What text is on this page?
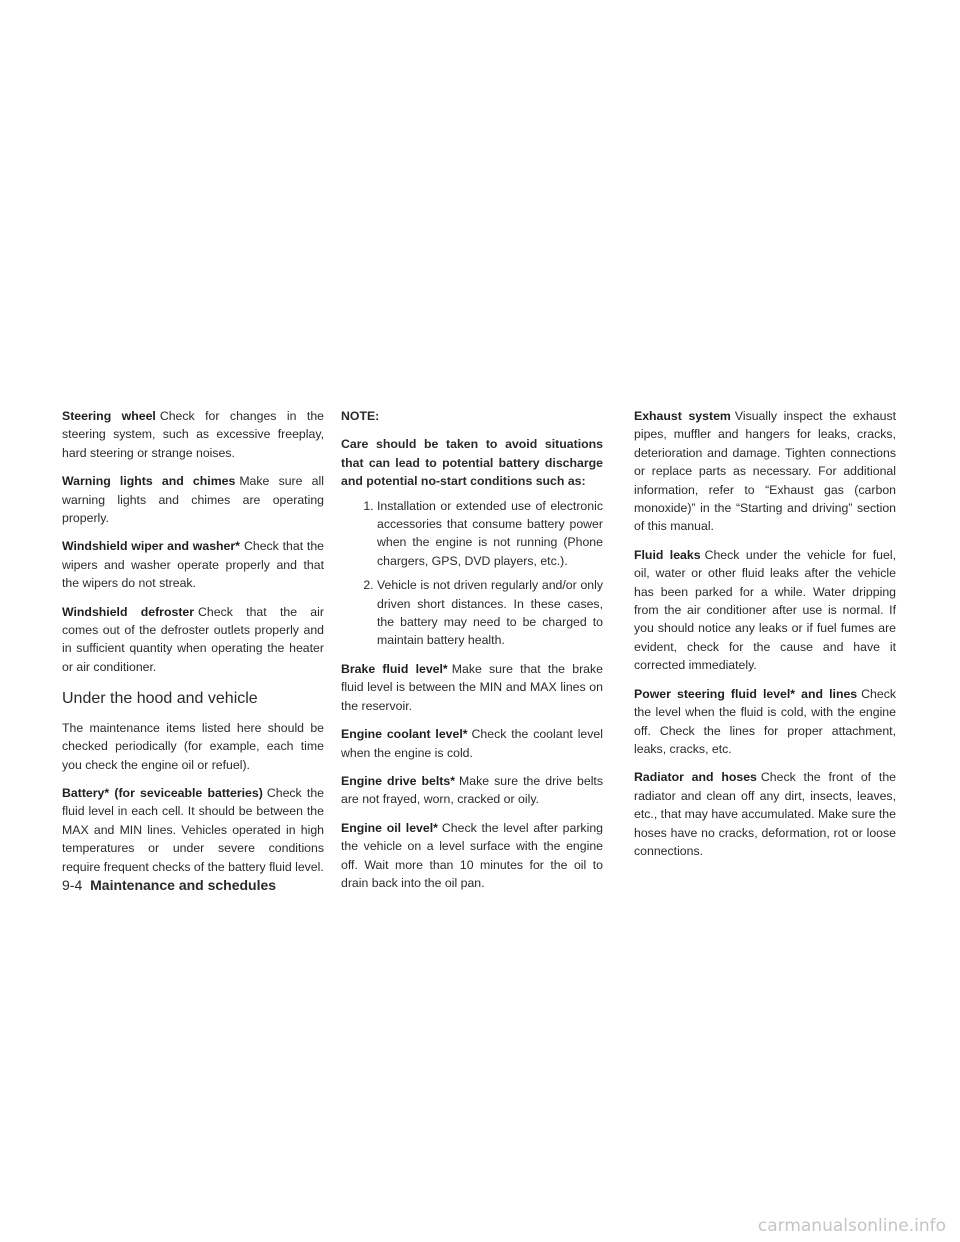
Steering wheel Check for changes in the steering system, such as excessive freeplay, hard steering or strange noises.

Warning lights and chimes Make sure all warning lights and chimes are operating properly.

Windshield wiper and washer* Check that the wipers and washer operate properly and that the wipers do not streak.

Windshield defroster Check that the air comes out of the defroster outlets properly and in sufficient quantity when operating the heater or air conditioner.

Under the hood and vehicle

The maintenance items listed here should be checked periodically (for example, each time you check the engine oil or refuel).

Battery* (for seviceable batteries) Check the fluid level in each cell. It should be between the MAX and MIN lines. Vehicles operated in high temperatures or under severe conditions require frequent checks of the battery fluid level.

NOTE:

Care should be taken to avoid situations that can lead to potential battery discharge and potential no-start conditions such as:

1. Installation or extended use of electronic accessories that consume battery power when the engine is not running (Phone chargers, GPS, DVD players, etc.).
2. Vehicle is not driven regularly and/or only driven short distances. In these cases, the battery may need to be charged to maintain battery health.

Brake fluid level* Make sure that the brake fluid level is between the MIN and MAX lines on the reservoir.

Engine coolant level* Check the coolant level when the engine is cold.

Engine drive belts* Make sure the drive belts are not frayed, worn, cracked or oily.

Engine oil level* Check the level after parking the vehicle on a level surface with the engine off. Wait more than 10 minutes for the oil to drain back into the oil pan.

Exhaust system Visually inspect the exhaust pipes, muffler and hangers for leaks, cracks, deterioration and damage. Tighten connections or replace parts as necessary. For additional information, refer to “Exhaust gas (carbon monoxide)” in the “Starting and driving” section of this manual.

Fluid leaks Check under the vehicle for fuel, oil, water or other fluid leaks after the vehicle has been parked for a while. Water dripping from the air conditioner after use is normal. If you should notice any leaks or if fuel fumes are evident, check for the cause and have it corrected immediately.

Power steering fluid level* and lines Check the level when the fluid is cold, with the engine off. Check the lines for proper attachment, leaks, cracks, etc.

Radiator and hoses Check the front of the radiator and clean off any dirt, insects, leaves, etc., that may have accumulated. Make sure the hoses have no cracks, deformation, rot or loose connections.

9-4 Maintenance and schedules
carmanualsonline.info
